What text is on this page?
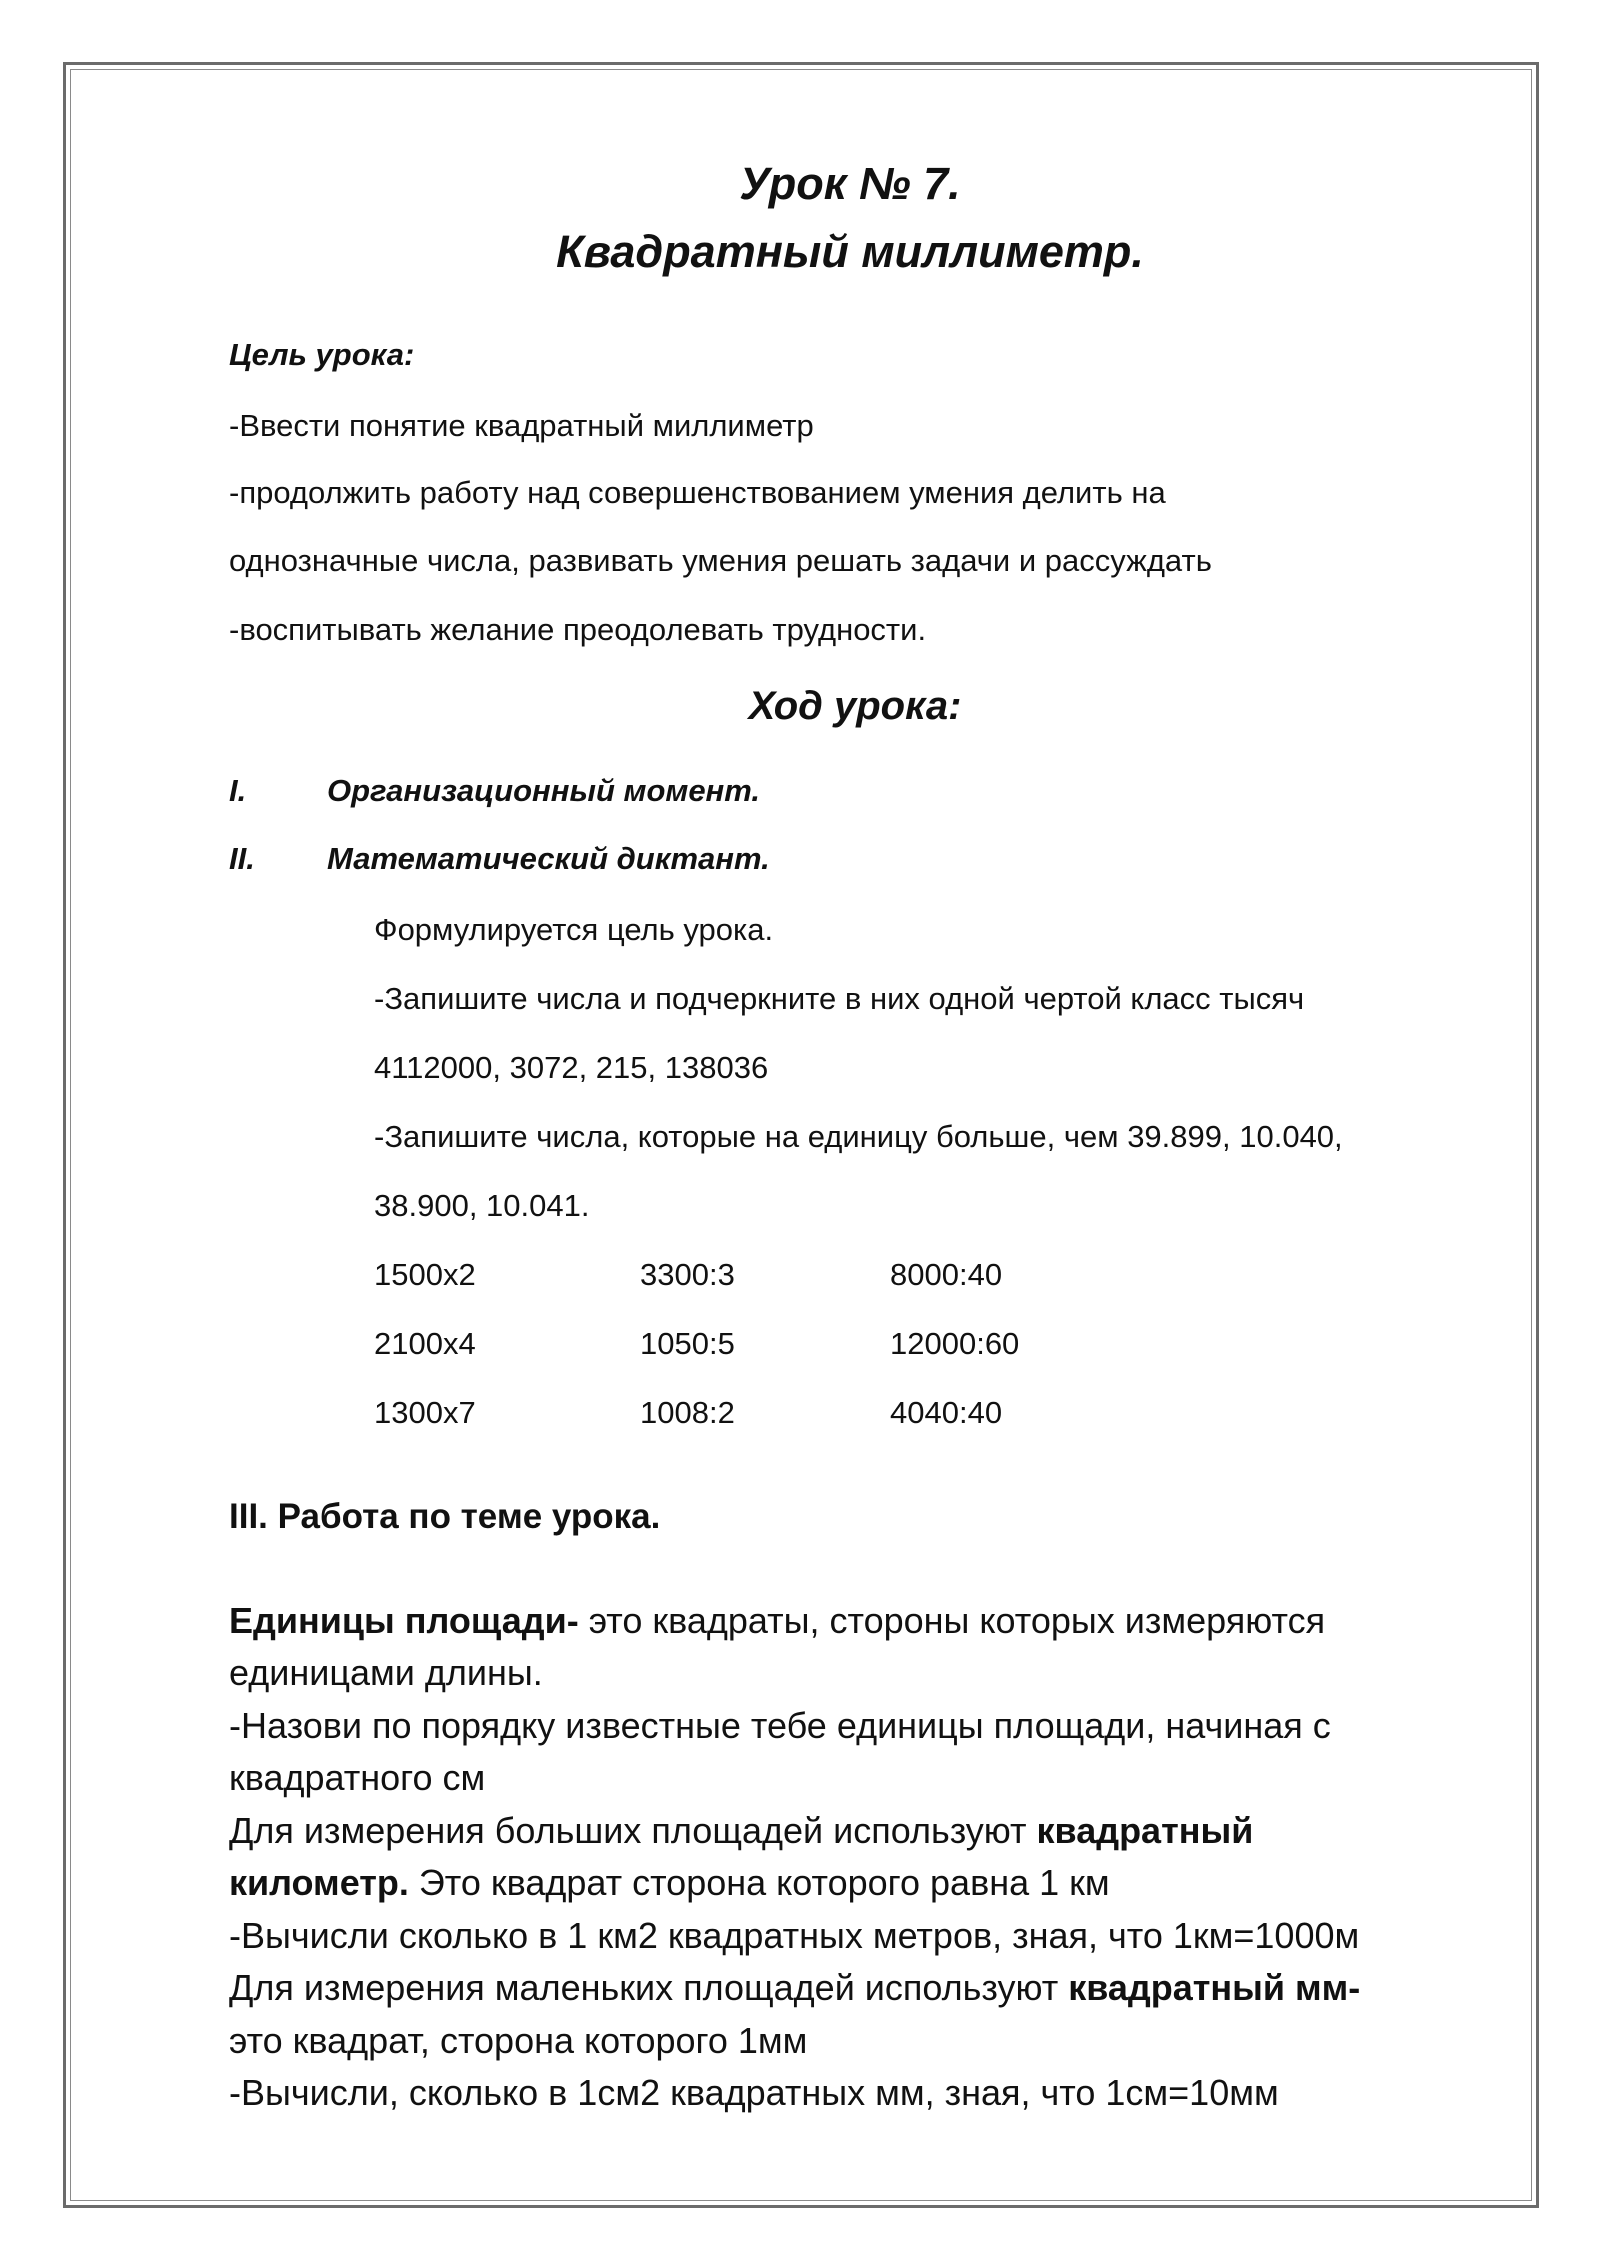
Урок № 7.
Квадратный миллиметр.
Цель урока:
-Ввести понятие квадратный миллиметр
-продолжить работу над совершенствованием умения делить на
однозначные числа, развивать умения решать задачи и рассуждать
-воспитывать желание преодолевать трудности.
Ход урока:
I.	Организационный момент.
II. Математический диктант.
Формулируется цель урока.
-Запишите числа и подчеркните в них одной чертой класс тысяч
4112000, 3072, 215, 138036
-Запишите числа, которые на единицу больше, чем 39.899, 10.040,
38.900, 10.041.
1500х2	3300:3	8000:40
2100х4	1050:5	12000:60
1300х7	1008:2	4040:40
III. Работа по теме урока.
Единицы площади- это квадраты, стороны которых измеряются
единицами длины.
-Назови по порядку известные тебе единицы площади, начиная с
квадратного см
Для измерения больших площадей используют квадратный
километр. Это квадрат сторона которого равна 1 км
-Вычисли сколько в 1 км2 квадратных метров, зная, что 1км=1000м
Для измерения маленьких площадей используют квадратный мм-
это квадрат, сторона которого 1мм
-Вычисли, сколько в 1см2 квадратных мм, зная, что 1см=10мм
